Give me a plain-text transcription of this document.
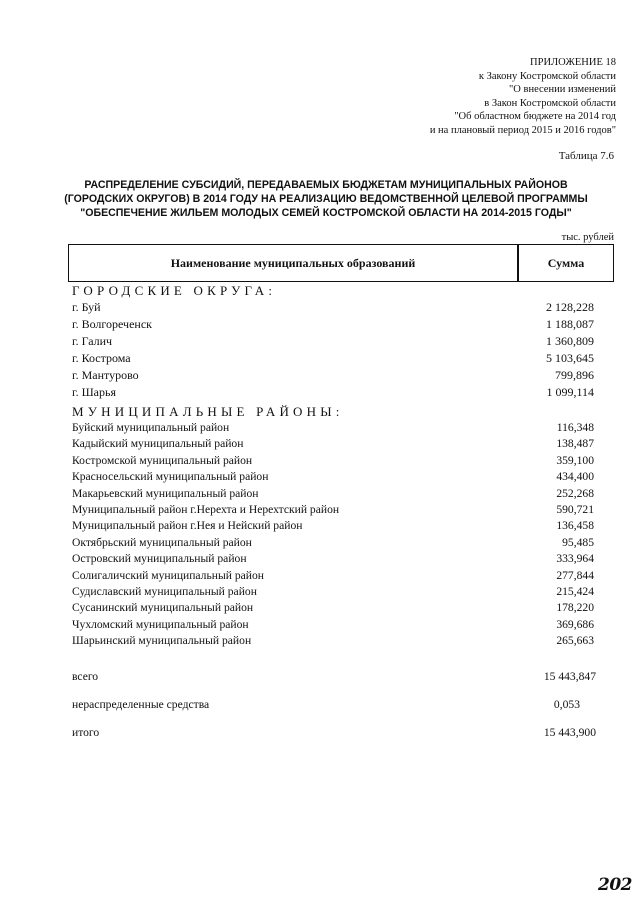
ПРИЛОЖЕНИЕ 18
к Закону Костромской области
"О внесении изменений
в Закон Костромской области
"Об областном бюджете на 2014 год
и на плановый период 2015 и 2016 годов"
Таблица 7.6
РАСПРЕДЕЛЕНИЕ СУБСИДИЙ, ПЕРЕДАВАЕМЫХ БЮДЖЕТАМ МУНИЦИПАЛЬНЫХ РАЙОНОВ
(ГОРОДСКИХ ОКРУГОВ) В 2014 ГОДУ НА РЕАЛИЗАЦИЮ ВЕДОМСТВЕННОЙ ЦЕЛЕВОЙ ПРОГРАММЫ
"ОБЕСПЕЧЕНИЕ ЖИЛЬЕМ МОЛОДЫХ СЕМЕЙ КОСТРОМСКОЙ ОБЛАСТИ НА 2014-2015 ГОДЫ"
тыс. рублей
Наименование муниципальных образований	Сумма
ГОРОДСКИЕ ОКРУГА:
г. Буй	2 128,228
г. Волгореченск	1 188,087
г. Галич	1 360,809
г. Кострома	5 103,645
г. Мантурово	799,896
г. Шарья	1 099,114
МУНИЦИПАЛЬНЫЕ РАЙОНЫ:
Буйский муниципальный район	116,348
Кадыйский муниципальный район	138,487
Костромской муниципальный район	359,100
Красносельский муниципальный район	434,400
Макарьевский муниципальный район	252,268
Муниципальный район г.Нерехта и Нерехтский район	590,721
Муниципальный район г.Нея и Нейский район	136,458
Октябрьский муниципальный район	95,485
Островский муниципальный район	333,964
Солигаличский муниципальный район	277,844
Судиславский муниципальный район	215,424
Сусанинский муниципальный район	178,220
Чухломский муниципальный район	369,686
Шарьинский муниципальный район	265,663
всего	15 443,847
нераспределенные средства	0,053
итого	15 443,900
202
